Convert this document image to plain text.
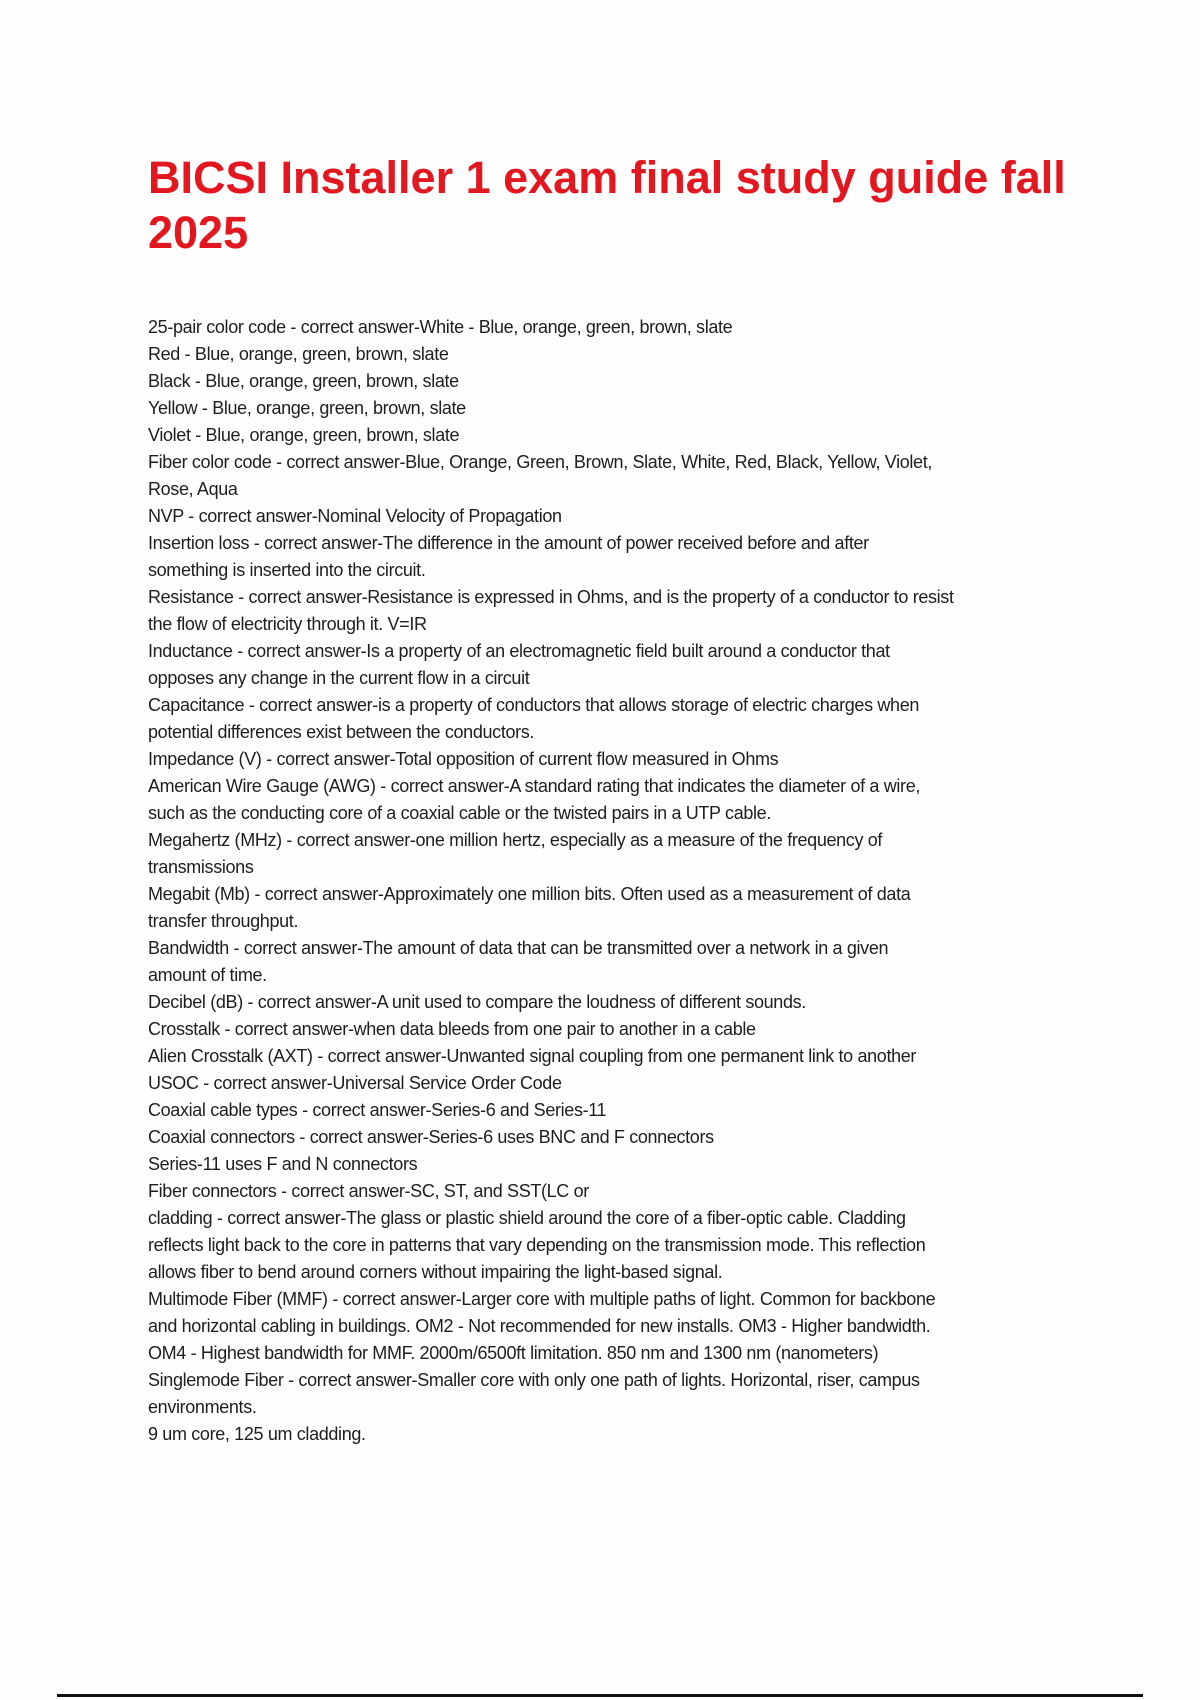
BICSI Installer 1 exam final study guide fall 2025
25-pair color code - correct answer-White - Blue, orange, green, brown, slate
Red - Blue, orange, green, brown, slate
Black - Blue, orange, green, brown, slate
Yellow - Blue, orange, green, brown, slate
Violet - Blue, orange, green, brown, slate
Fiber color code - correct answer-Blue, Orange, Green, Brown, Slate, White, Red, Black, Yellow, Violet,
Rose, Aqua
NVP - correct answer-Nominal Velocity of Propagation
Insertion loss - correct answer-The difference in the amount of power received before and after
something is inserted into the circuit.
Resistance - correct answer-Resistance is expressed in Ohms, and is the property of a conductor to resist
the flow of electricity through it. V=IR
Inductance - correct answer-Is a property of an electromagnetic field built around a conductor that
opposes any change in the current flow in a circuit
Capacitance - correct answer-is a property of conductors that allows storage of electric charges when
potential differences exist between the conductors.
Impedance (V) - correct answer-Total opposition of current flow measured in Ohms
American Wire Gauge (AWG) - correct answer-A standard rating that indicates the diameter of a wire,
such as the conducting core of a coaxial cable or the twisted pairs in a UTP cable.
Megahertz (MHz) - correct answer-one million hertz, especially as a measure of the frequency of
transmissions
Megabit (Mb) - correct answer-Approximately one million bits. Often used as a measurement of data
transfer throughput.
Bandwidth - correct answer-The amount of data that can be transmitted over a network in a given
amount of time.
Decibel (dB) - correct answer-A unit used to compare the loudness of different sounds.
Crosstalk - correct answer-when data bleeds from one pair to another in a cable
Alien Crosstalk (AXT) - correct answer-Unwanted signal coupling from one permanent link to another
USOC - correct answer-Universal Service Order Code
Coaxial cable types - correct answer-Series-6 and Series-11
Coaxial connectors - correct answer-Series-6 uses BNC and F connectors
Series-11 uses F and N connectors
Fiber connectors - correct answer-SC, ST, and SST(LC or
cladding - correct answer-The glass or plastic shield around the core of a fiber-optic cable. Cladding
reflects light back to the core in patterns that vary depending on the transmission mode. This reflection
allows fiber to bend around corners without impairing the light-based signal.
Multimode Fiber (MMF) - correct answer-Larger core with multiple paths of light. Common for backbone
and horizontal cabling in buildings. OM2 - Not recommended for new installs. OM3 - Higher bandwidth.
OM4 - Highest bandwidth for MMF. 2000m/6500ft limitation. 850 nm and 1300 nm (nanometers)
Singlemode Fiber - correct answer-Smaller core with only one path of lights. Horizontal, riser, campus
environments.
9 um core, 125 um cladding.
